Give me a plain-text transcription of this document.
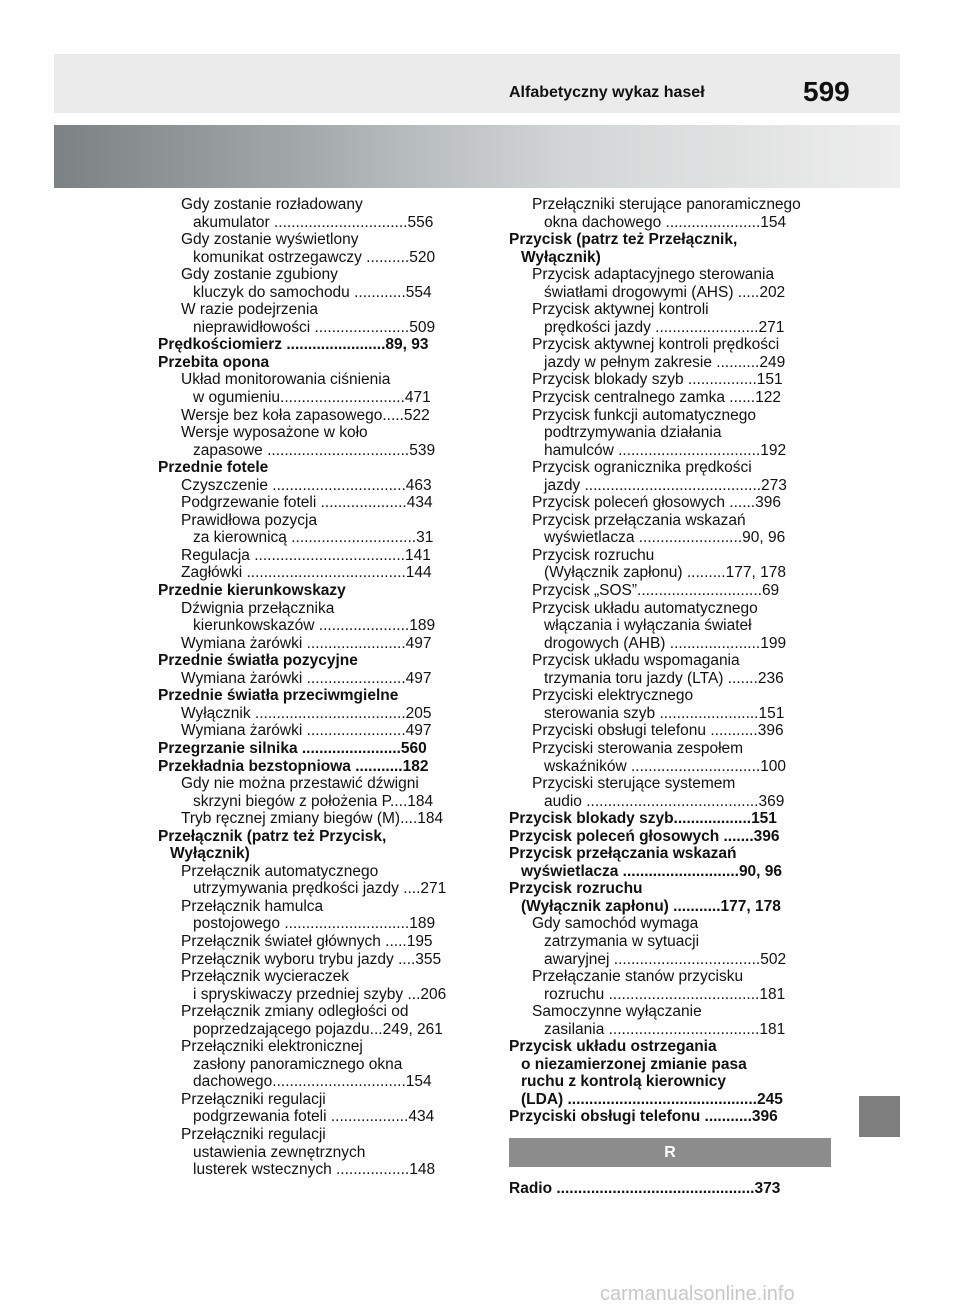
Alfabetyczny wykaz haseł	599
Gdy zostanie rozładowany
akumulator ...............................556
Gdy zostanie wyświetlony
komunikat ostrzegawczy ..........520
Gdy zostanie zgubiony
kluczyk do samochodu ............554
W razie podejrzenia
nieprawidłowości ......................509
Prędkościomierz .......................89, 93
Przebita opona
Układ monitorowania ciśnienia
w ogumieniu.............................471
Wersje bez koła zapasowego.....522
Wersje wyposażone w koło
zapasowe .................................539
Przednie fotele
Czyszczenie ...............................463
Podgrzewanie foteli ....................434
Prawidłowa pozycja
za kierownicą .............................31
Regulacja ...................................141
Zagłówki .....................................144
Przednie kierunkowskazy
Dźwignia przełącznika
kierunkowskazów .....................189
Wymiana żarówki .......................497
Przednie światła pozycyjne
Wymiana żarówki .......................497
Przednie światła przeciwmgielne
Wyłącznik ...................................205
Wymiana żarówki .......................497
Przegrzanie silnika .......................560
Przekładnia bezstopniowa ...........182
Gdy nie można przestawić dźwigni
skrzyni biegów z położenia P....184
Tryb ręcznej zmiany biegów (M)....184
Przełącznik (patrz też Przycisk,
Wyłącznik)
Przełącznik automatycznego
utrzymywania prędkości jazdy ....271
Przełącznik hamulca
postojowego .............................189
Przełącznik świateł głównych .....195
Przełącznik wyboru trybu jazdy ....355
Przełącznik wycieraczek
i spryskiwaczy przedniej szyby ...206
Przełącznik zmiany odległości od
poprzedzającego pojazdu...249, 261
Przełączniki elektronicznej
zasłony panoramicznego okna
dachowego...............................154
Przełączniki regulacji
podgrzewania foteli ..................434
Przełączniki regulacji
ustawienia zewnętrznych
lusterek wstecznych .................148
Przełączniki sterujące panoramicznego
okna dachowego ......................154
Przycisk (patrz też Przełącznik,
Wyłącznik)
Przycisk adaptacyjnego sterowania
światłami drogowymi (AHS) .....202
Przycisk aktywnej kontroli
prędkości jazdy ........................271
Przycisk aktywnej kontroli prędkości
jazdy w pełnym zakresie ..........249
Przycisk blokady szyb ................151
Przycisk centralnego zamka ......122
Przycisk funkcji automatycznego
podtrzymywania działania
hamulców .................................192
Przycisk ogranicznika prędkości
jazdy .........................................273
Przycisk poleceń głosowych ......396
Przycisk przełączania wskazań
wyświetlacza ........................90, 96
Przycisk rozruchu
(Wyłącznik zapłonu) .........177, 178
Przycisk „SOS”.............................69
Przycisk układu automatycznego
włączania i wyłączania świateł
drogowych (AHB) .....................199
Przycisk układu wspomagania
trzymania toru jazdy (LTA) .......236
Przyciski elektrycznego
sterowania szyb .......................151
Przyciski obsługi telefonu ...........396
Przyciski sterowania zespołem
wskaźników ..............................100
Przyciski sterujące systemem
audio ........................................369
Przycisk blokady szyb..................151
Przycisk poleceń głosowych .......396
Przycisk przełączania wskazań
wyświetlacza ...........................90, 96
Przycisk rozruchu
(Wyłącznik zapłonu) ...........177, 178
Gdy samochód wymaga
zatrzymania w sytuacji
awaryjnej ..................................502
Przełączanie stanów przycisku
rozruchu ...................................181
Samoczynne wyłączanie
zasilania ...................................181
Przycisk układu ostrzegania
o niezamierzonej zmianie pasa
ruchu z kontrolą kierownicy
(LDA) ............................................245
Przyciski obsługi telefonu ...........396
R
Radio ..............................................373
carmanualsonline.info
